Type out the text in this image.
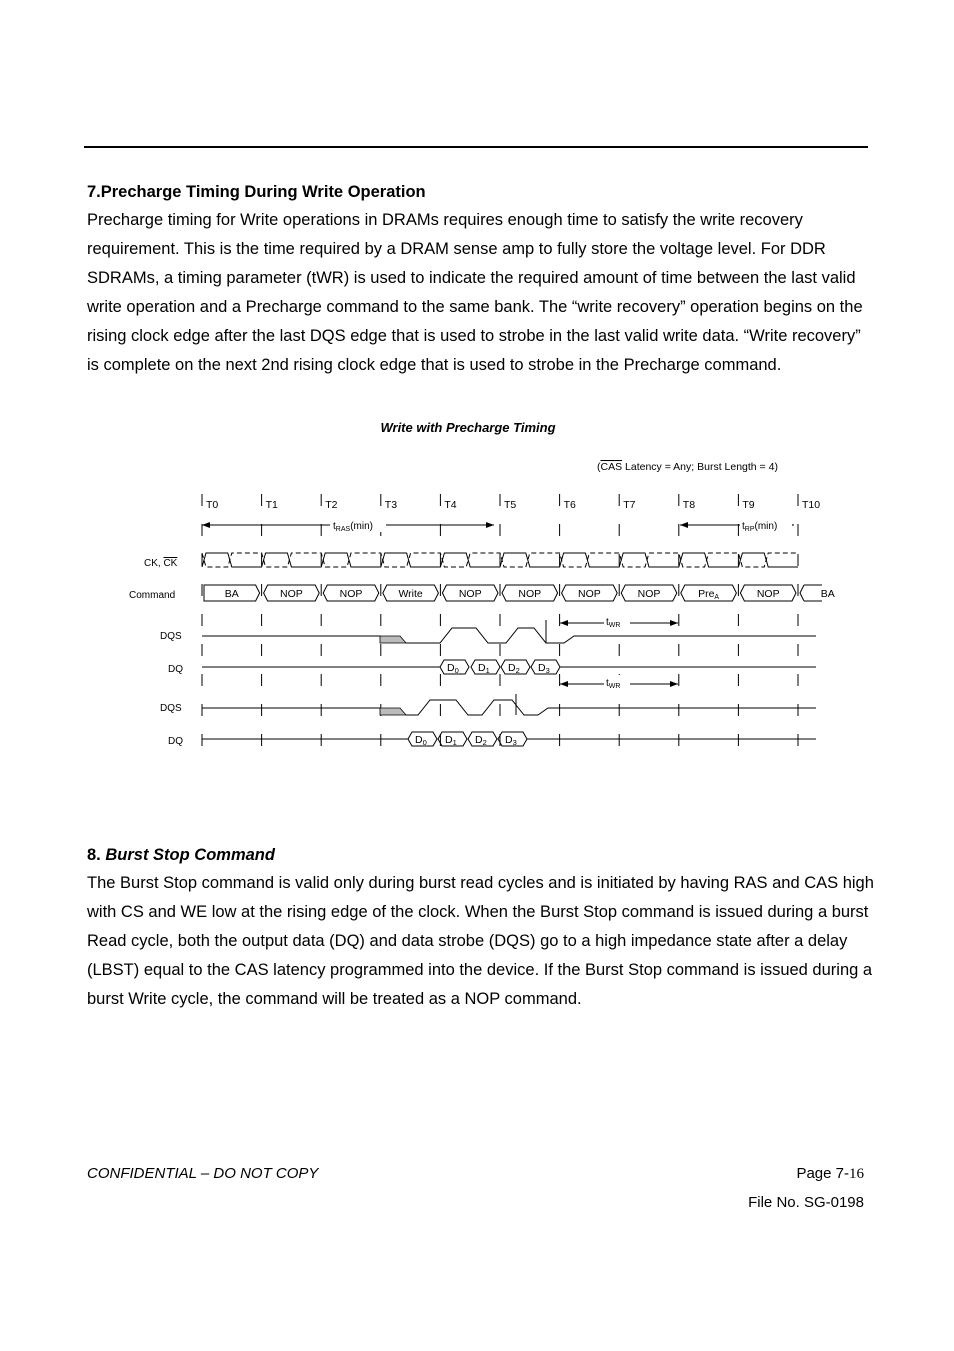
7.Precharge Timing During Write Operation

Precharge timing for Write operations in DRAMs requires enough time to satisfy the write recovery requirement. This is the time required by a DRAM sense amp to fully store the voltage level. For DDR SDRAMs, a timing parameter (tWR) is used to indicate the required amount of time between the last valid write operation and a Precharge command to the same bank. The “write recovery” operation begins on the rising clock edge after the last DQS edge that is used to strobe in the last valid write data. “Write recovery” is complete on the next 2nd rising clock edge that is used to strobe in the Precharge command.

Write with Precharge Timing
(CAS Latency = Any; Burst Length = 4)
T0	T1	T2	T3	T4	T5	T6	T7	T8	T9	T10
$t_{RAS}(\min)$	$t_{RP}(\min)$
CK, CK
Command
DQS
DQ
DQS
DQ
BA	NOP	NOP	Write	NOP	NOP	NOP	NOP	PreA	NOP	BA
$t_{WR}$
D0 D1 D2 D3
$t_{WR}$
D0 D1 D2 D3

8. Burst Stop Command

The Burst Stop command is valid only during burst read cycles and is initiated by having RAS and CAS high with CS and WE low at the rising edge of the clock. When the Burst Stop command is issued during a burst Read cycle, both the output data (DQ) and data strobe (DQS) go to a high impedance state after a delay (LBST) equal to the CAS latency programmed into the device. If the Burst Stop command is issued during a burst Write cycle, the command will be treated as a NOP command.

CONFIDENTIAL – DO NOT COPY	Page 7-16
File No. SG-0198
